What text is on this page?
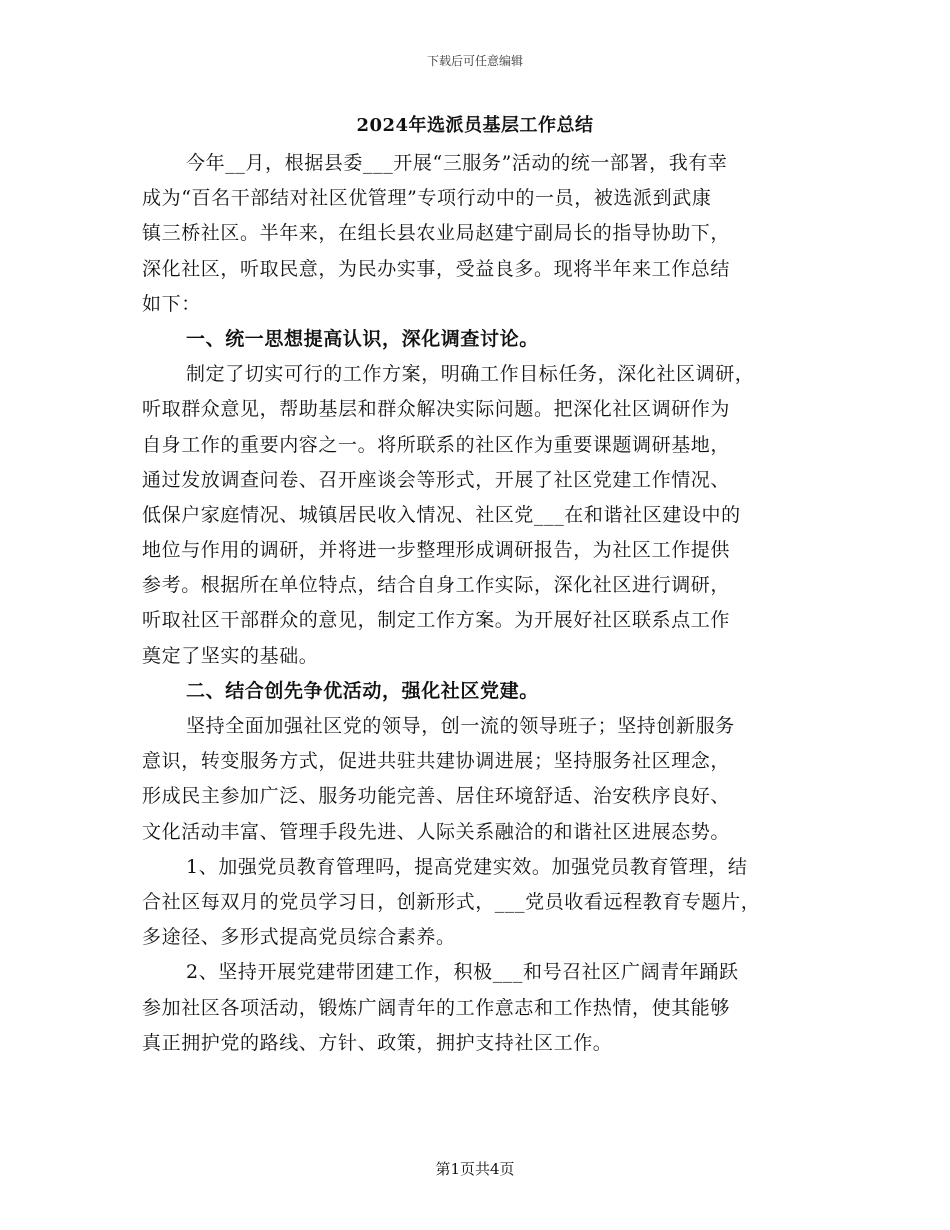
下载后可任意编辑
2024年选派员基层工作总结
今年__月，根据县委___开展“三服务”活动的统一部署，我有幸
成为“百名干部结对社区优管理”专项行动中的一员，被选派到武康
镇三桥社区。半年来，在组长县农业局赵建宁副局长的指导协助下，
深化社区，听取民意，为民办实事，受益良多。现将半年来工作总结
如下：
一、统一思想提高认识，深化调查讨论。
制定了切实可行的工作方案，明确工作目标任务，深化社区调研，
听取群众意见，帮助基层和群众解决实际问题。把深化社区调研作为
自身工作的重要内容之一。将所联系的社区作为重要课题调研基地，
通过发放调查问卷、召开座谈会等形式，开展了社区党建工作情况、
低保户家庭情况、城镇居民收入情况、社区党___在和谐社区建设中的
地位与作用的调研，并将进一步整理形成调研报告，为社区工作提供
参考。根据所在单位特点，结合自身工作实际，深化社区进行调研，
听取社区干部群众的意见，制定工作方案。为开展好社区联系点工作
奠定了坚实的基础。
二、结合创先争优活动，强化社区党建。
坚持全面加强社区党的领导，创一流的领导班子；坚持创新服务
意识，转变服务方式，促进共驻共建协调进展；坚持服务社区理念，
形成民主参加广泛、服务功能完善、居住环境舒适、治安秩序良好、
文化活动丰富、管理手段先进、人际关系融洽的和谐社区进展态势。
1、加强党员教育管理吗，提高党建实效。加强党员教育管理，结
合社区每双月的党员学习日，创新形式，___党员收看远程教育专题片，
多途径、多形式提高党员综合素养。
2、坚持开展党建带团建工作，积极___和号召社区广阔青年踊跃
参加社区各项活动，锻炼广阔青年的工作意志和工作热情，使其能够
真正拥护党的路线、方针、政策，拥护支持社区工作。
第1页共4页
